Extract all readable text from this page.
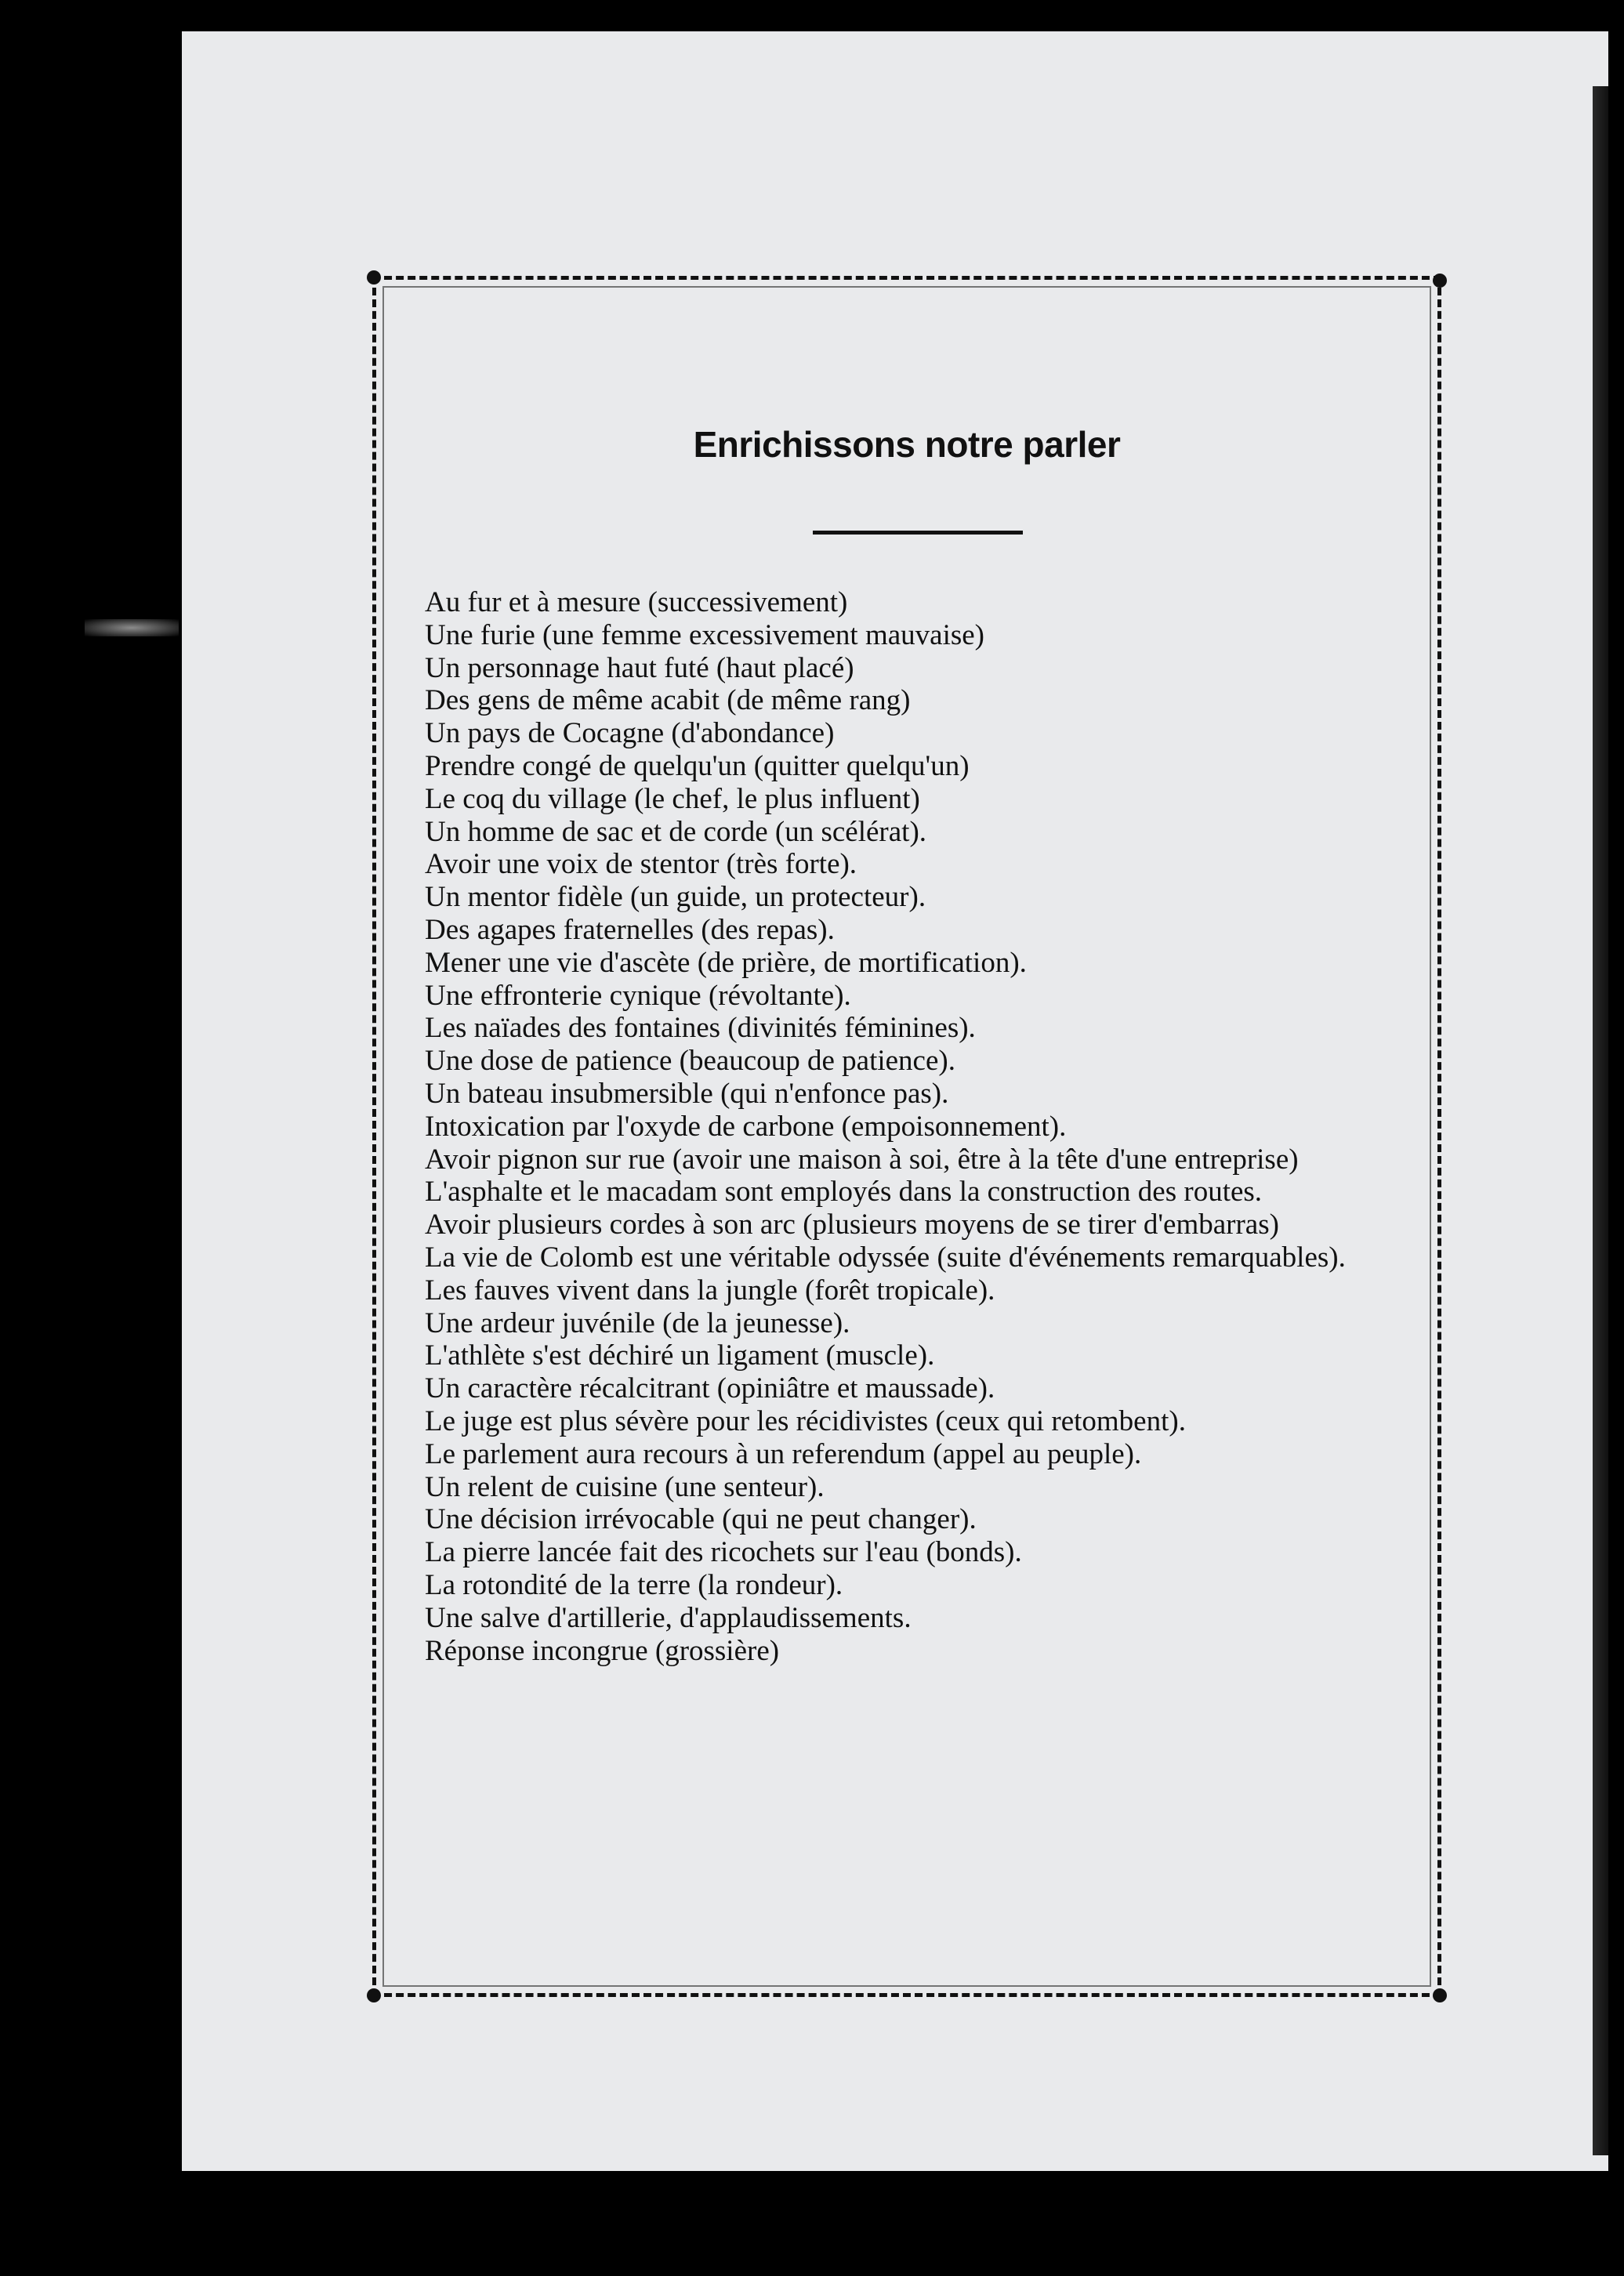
Enrichissons notre parler
Au fur et à mesure (successivement)
Une furie (une femme excessivement mauvaise)
Un personnage haut futé (haut placé)
Des gens de même acabit (de même rang)
Un pays de Cocagne (d'abondance)
Prendre congé de quelqu'un (quitter quelqu'un)
Le coq du village (le chef, le plus influent)
Un homme de sac et de corde (un scélérat).
Avoir une voix de stentor (très forte).
Un mentor fidèle (un guide, un protecteur).
Des agapes fraternelles (des repas).
Mener une vie d'ascète (de prière, de mortification).
Une effronterie cynique (révoltante).
Les naïades des fontaines (divinités féminines).
Une dose de patience (beaucoup de patience).
Un bateau insubmersible (qui n'enfonce pas).
Intoxication par l'oxyde de carbone (empoisonnement).
Avoir pignon sur rue (avoir une maison à soi, être à la tête d'une entreprise)
L'asphalte et le macadam sont employés dans la construction des routes.
Avoir plusieurs cordes à son arc (plusieurs moyens de se tirer d'embarras)
La vie de Colomb est une véritable odyssée (suite d'événements remarquables).
Les fauves vivent dans la jungle (forêt tropicale).
Une ardeur juvénile (de la jeunesse).
L'athlète s'est déchiré un ligament (muscle).
Un caractère récalcitrant (opiniâtre et maussade).
Le juge est plus sévère pour les récidivistes (ceux qui retombent).
Le parlement aura recours à un referendum (appel au peuple).
Un relent de cuisine (une senteur).
Une décision irrévocable (qui ne peut changer).
La pierre lancée fait des ricochets sur l'eau (bonds).
La rotondité de la terre (la rondeur).
Une salve d'artillerie, d'applaudissements.
Réponse incongrue (grossière)
